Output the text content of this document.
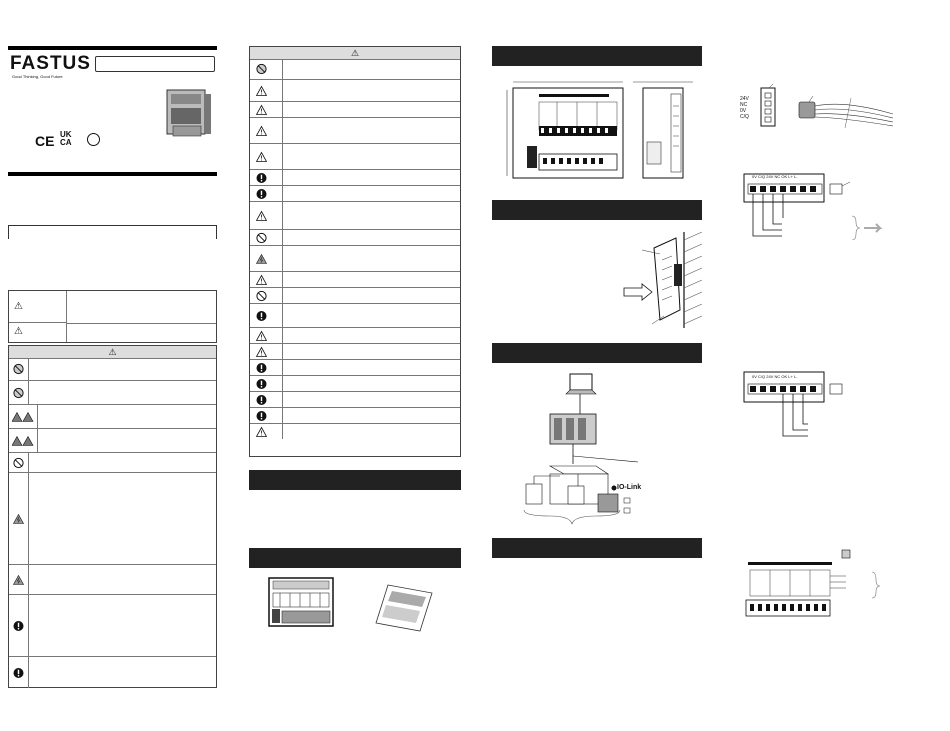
FASTUS
Good Thinking, Good Future
CE UK
CA
⚠
⚠
⚠
⚠
IO-Link
24V
NC
0V
C/Q
0V C/Q 24V NC OK L+ L-
0V C/Q 24V NC OK L+ L-
